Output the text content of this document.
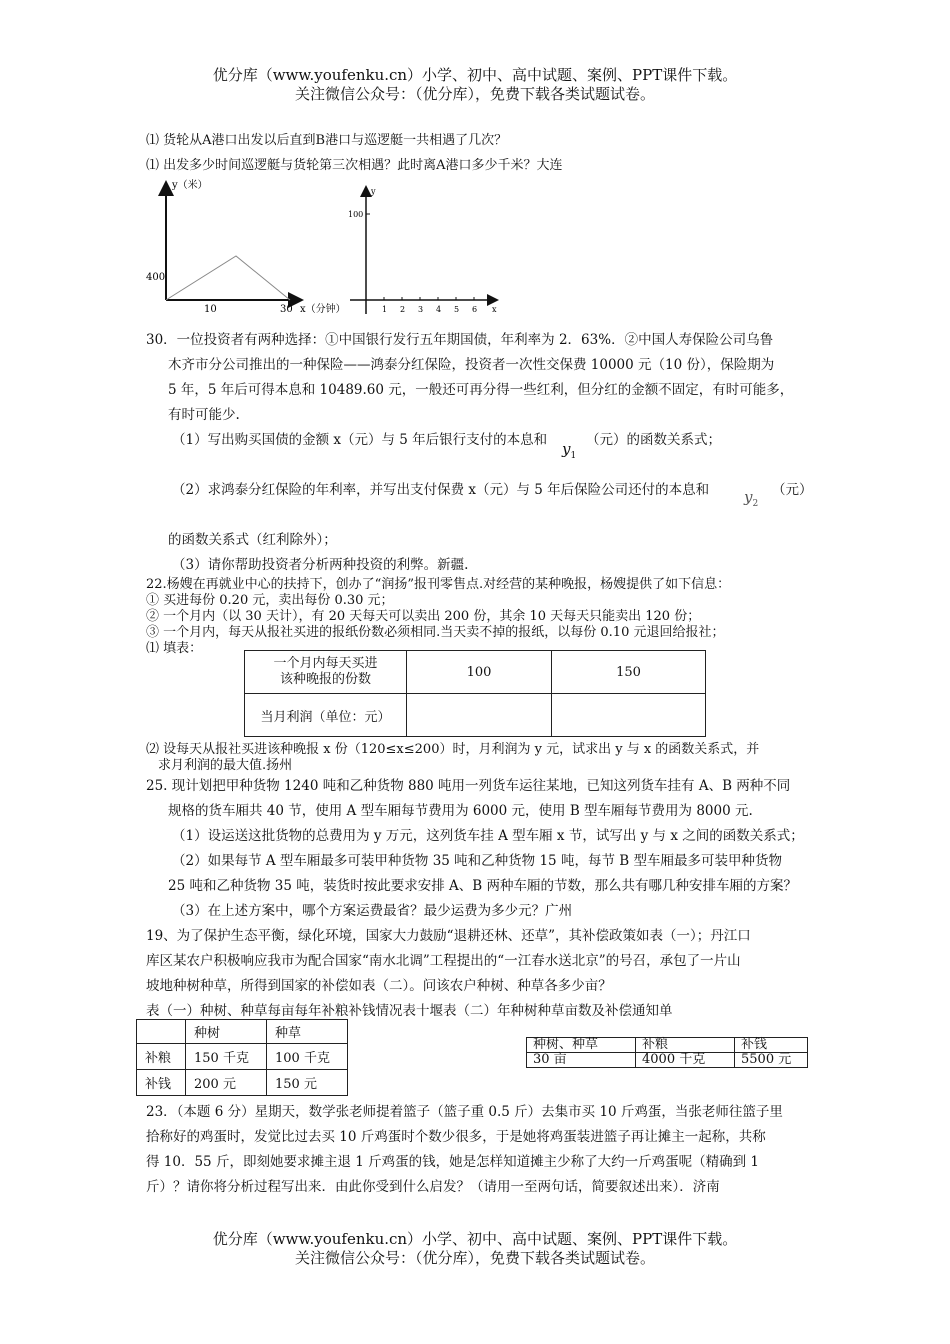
优分库（www.youfenku.cn）小学、初中、高中试题、案例、PPT课件下载。
关注微信公众号：（优分库），免费下载各类试题试卷。
⑴ 货轮从A港口出发以后直到B港口与巡逻艇一共相遇了几次？
⑴ 出发多少时间巡逻艇与货轮第三次相遇？此时离A港口多少千米？大连
y（米）
400
10	30 x（分钟）
y
100
1 2 3 4 5 6 x
30．一位投资者有两种选择：①中国银行发行五年期国债，年利率为 2．63%．②中国人寿保险公司乌鲁
木齐市分公司推出的一种保险——鸿泰分红保险，投资者一次性交保费 10000 元（10 份），保险期为
5 年，5 年后可得本息和 10489.60 元，一般还可再分得一些红利，但分红的金额不固定，有时可能多，
有时可能少.
（1）写出购买国债的金额 x（元）与 5 年后银行支付的本息和 $y_1$
（元）的函数关系式；
（2）求鸿泰分红保险的年利率，并写出支付保费 x（元）与 5 年后保险公司还付的本息和 $y_2$
（元）
的函数关系式（红利除外）；
（3）请你帮助投资者分析两种投资的利弊。新疆.
22.杨嫂在再就业中心的扶持下，创办了“润扬”报刊零售点.对经营的某种晚报，杨嫂提供了如下信息：
① 买进每份 0.20 元，卖出每份 0.30 元；
② 一个月内（以 30 天计），有 20 天每天可以卖出 200 份，其余 10 天每天只能卖出 120 份；
③ 一个月内，每天从报社买进的报纸份数必须相同.当天卖不掉的报纸，以每份 0.10 元退回给报社；
⑴ 填表：
一个月内每天买进
该种晚报的份数	100	150
当月利润（单位：元）		
⑵ 设每天从报社买进该种晚报 x 份（120≤x≤200）时，月利润为 y 元，试求出 y 与 x 的函数关系式，并
求月利润的最大值.扬州
25. 现计划把甲种货物 1240 吨和乙种货物 880 吨用一列货车运往某地，已知这列货车挂有 A、B 两种不同
规格的货车厢共 40 节，使用 A 型车厢每节费用为 6000 元，使用 B 型车厢每节费用为 8000 元.
（1）设运送这批货物的总费用为 y 万元，这列货车挂 A 型车厢 x 节，试写出 y 与 x 之间的函数关系式；
（2）如果每节 A 型车厢最多可装甲种货物 35 吨和乙种货物 15 吨，每节 B 型车厢最多可装甲种货物
25 吨和乙种货物 35 吨，装货时按此要求安排 A、B 两种车厢的节数，那么共有哪几种安排车厢的方案？
（3）在上述方案中，哪个方案运费最省？最少运费为多少元？广州
19、为了保护生态平衡，绿化环境，国家大力鼓励“退耕还林、还草”，其补偿政策如表（一）；丹江口
库区某农户积极响应我市为配合国家“南水北调”工程提出的“一江春水送北京”的号召，承包了一片山
坡地种树种草，所得到国家的补偿如表（二）。问该农户种树、种草各多少亩？
表（一）种树、种草每亩每年补粮补钱情况表十堰表（二）年种树种草亩数及补偿通知单
	种树	种草
补粮	150 千克	100 千克
补钱	200 元	150 元
种树、种草	补粮	补钱
30 亩	4000 千克	5500 元
23．（本题 6 分）星期天，数学张老师提着篮子（篮子重 0.5 斤）去集市买 10 斤鸡蛋，当张老师往篮子里
拾称好的鸡蛋时，发觉比过去买 10 斤鸡蛋时个数少很多，于是她将鸡蛋装进篮子再让摊主一起称，共称
得 10．55 斤，即刻她要求摊主退 1 斤鸡蛋的钱，她是怎样知道摊主少称了大约一斤鸡蛋呢（精确到 1
斤）？请你将分析过程写出来．由此你受到什么启发？（请用一至两句话，简要叙述出来）．济南
优分库（www.youfenku.cn）小学、初中、高中试题、案例、PPT课件下载。
关注微信公众号：（优分库），免费下载各类试题试卷。
